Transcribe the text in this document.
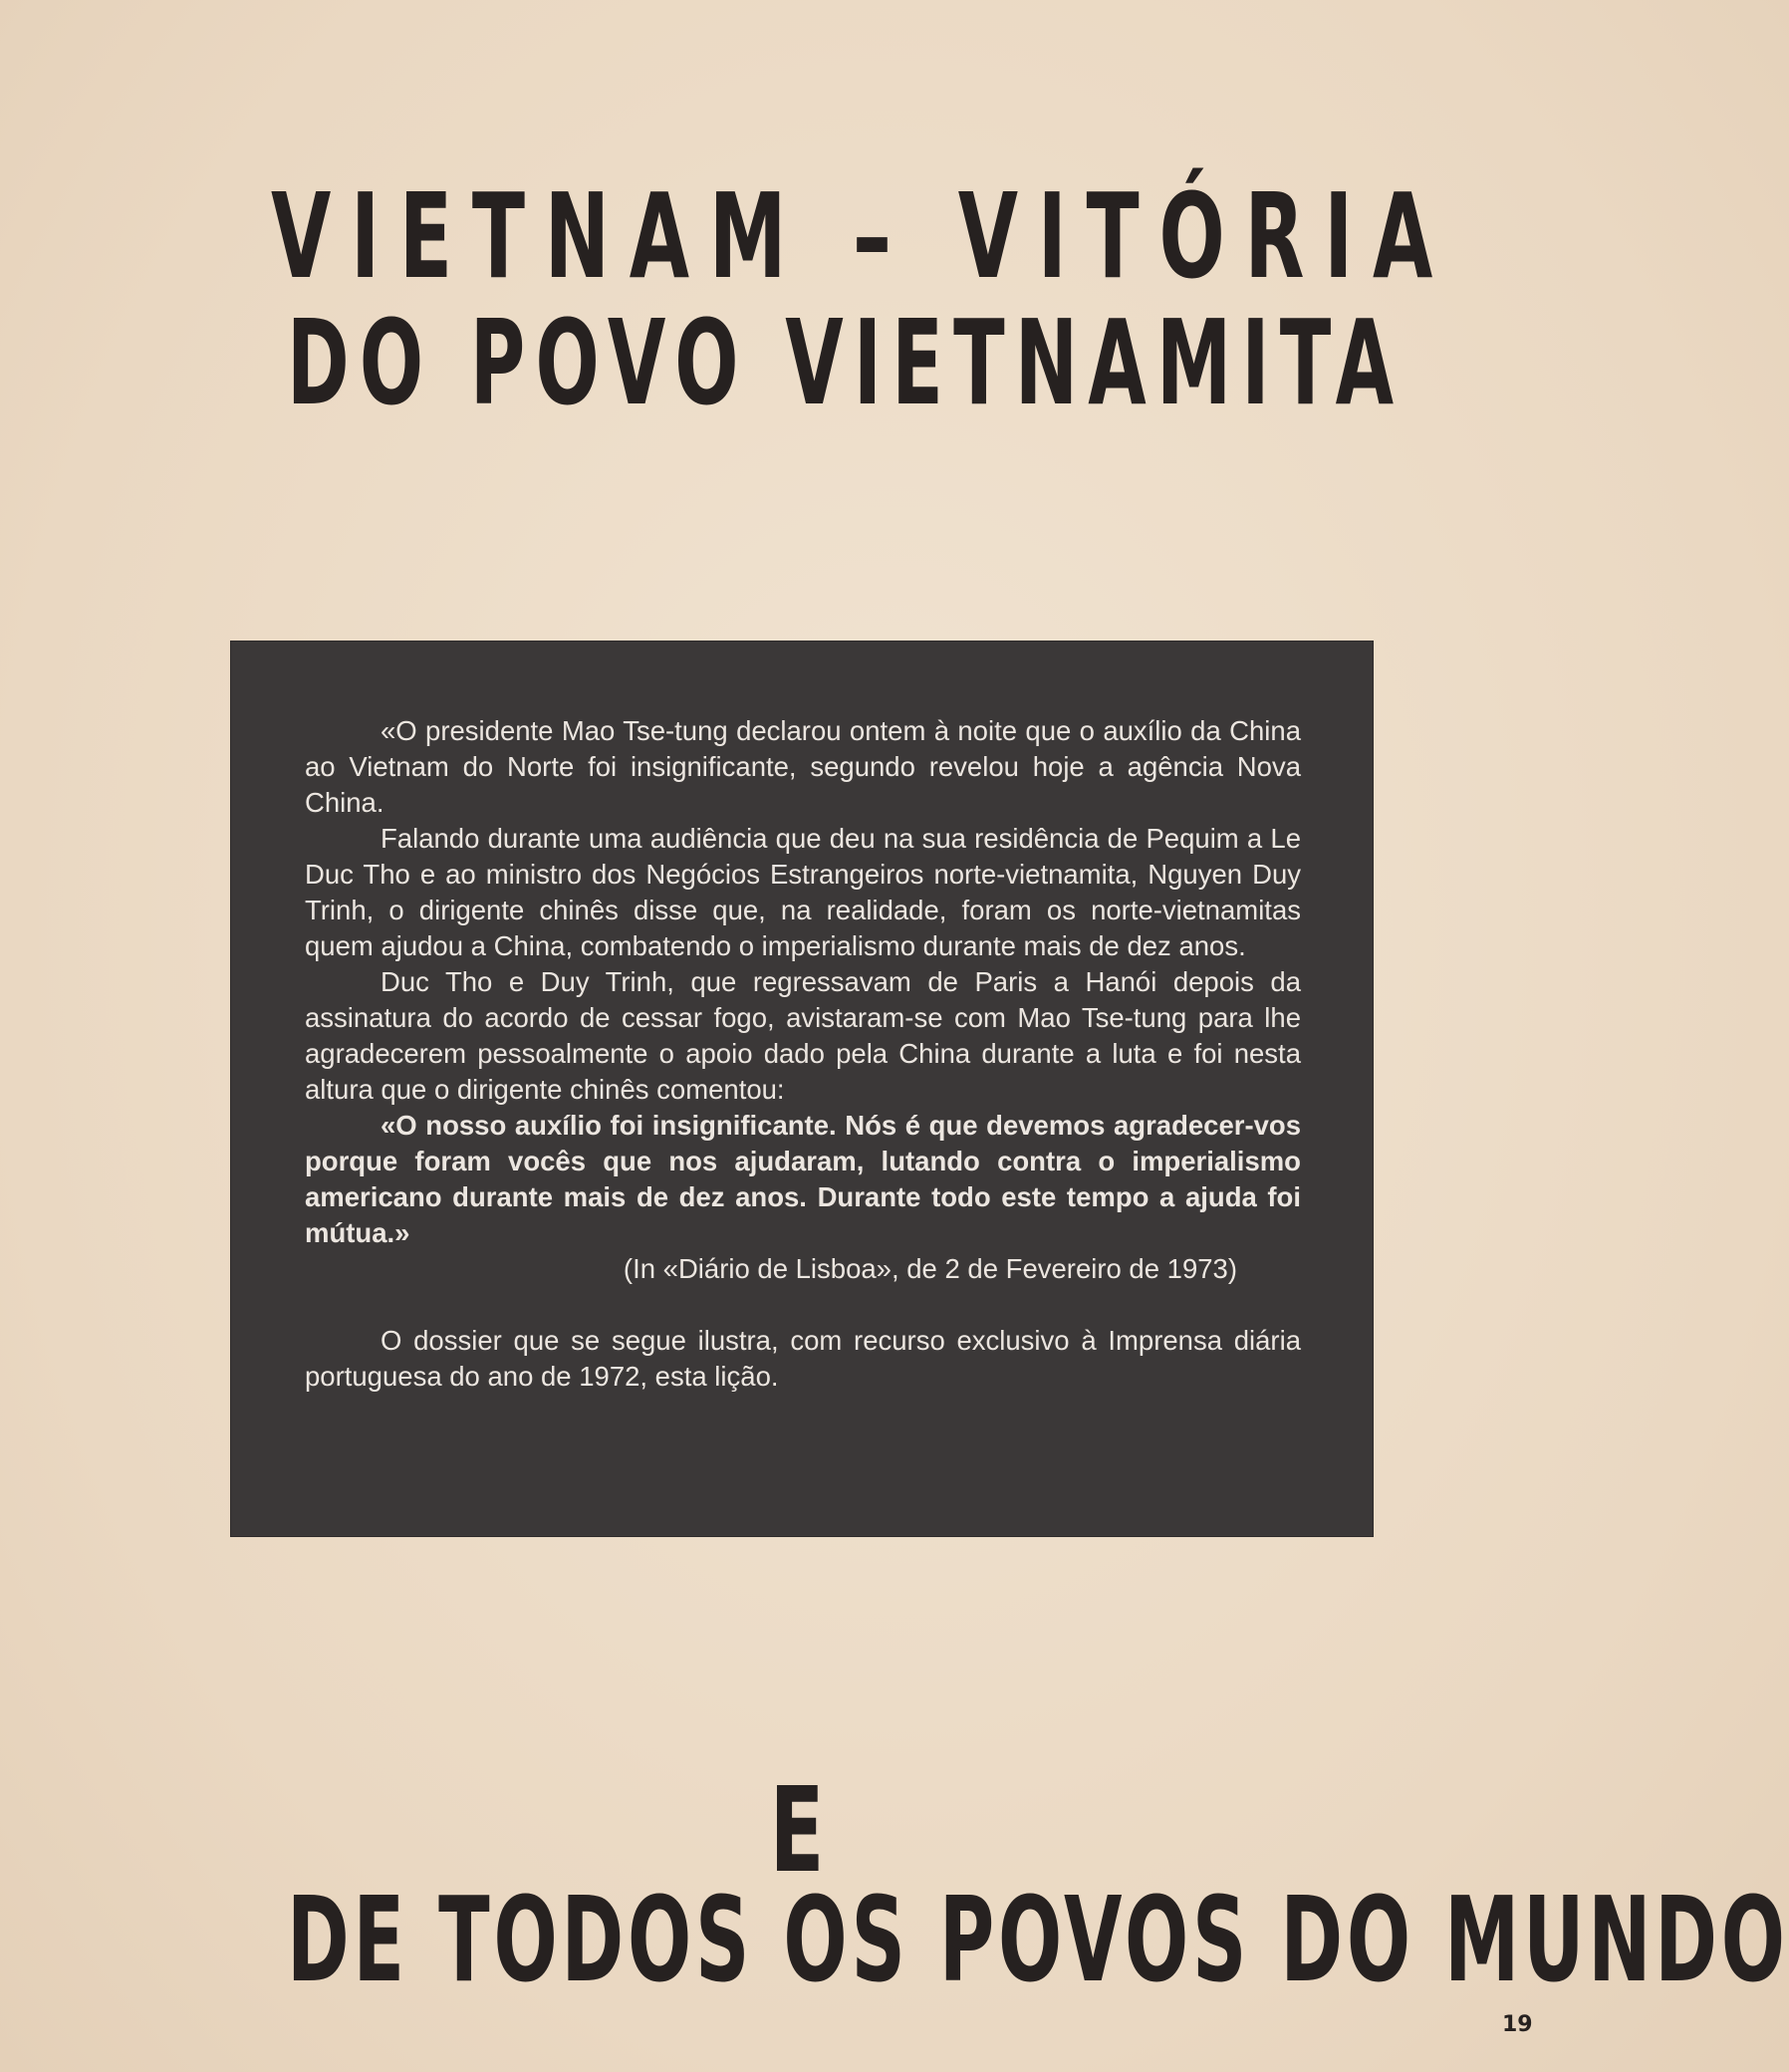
VIETNAM – VITÓRIA
DO POVO VIETNAMITA

«O presidente Mao Tse-tung declarou ontem à noite que o auxílio da China ao Vietnam do Norte foi insignificante, segundo revelou hoje a agência Nova China.

Falando durante uma audiência que deu na sua residência de Pequim a Le Duc Tho e ao ministro dos Negócios Estrangeiros norte-vietnamita, Nguyen Duy Trinh, o dirigente chinês disse que, na realidade, foram os norte-vietnamitas quem ajudou a China, combatendo o imperialismo durante mais de dez anos.

Duc Tho e Duy Trinh, que regressavam de Paris a Hanói depois da assinatura do acordo de cessar fogo, avistaram-se com Mao Tse-tung para lhe agradecerem pessoalmente o apoio dado pela China durante a luta e foi nesta altura que o dirigente chinês comentou:

«O nosso auxílio foi insignificante. Nós é que devemos agradecer-vos porque foram vocês que nos ajudaram, lutando contra o imperialismo americano durante mais de dez anos. Durante todo este tempo a ajuda foi mútua.»

(In «Diário de Lisboa», de 2 de Fevereiro de 1973)

O dossier que se segue ilustra, com recurso exclusivo à Imprensa diária portuguesa do ano de 1972, esta lição.

E
DE TODOS OS POVOS DO MUNDO
19
